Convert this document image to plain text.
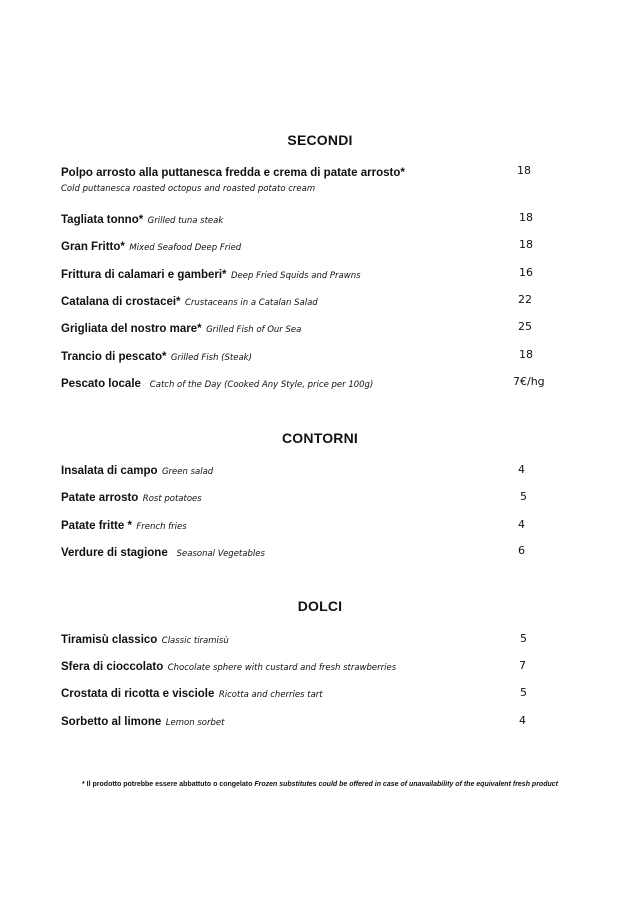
SECONDI
Polpo arrosto alla puttanesca fredda e crema di patate arrosto*
Cold puttanesca roasted octopus and roasted potato cream
18
Tagliata tonno* Grilled tuna steak	18
Gran Fritto* Mixed Seafood Deep Fried	18
Frittura di calamari e gamberi* Deep Fried Squids and Prawns	16
Catalana di crostacei* Crustaceans in a Catalan Salad	22
Grigliata del nostro mare* Grilled Fish of Our Sea	25
Trancio di pescato* Grilled Fish (Steak)	18
Pescato locale Catch of the Day (Cooked Any Style, price per 100g)	7€/hg
CONTORNI
Insalata di campo Green salad	4
Patate arrosto Rost potatoes	5
Patate fritte * French fries	4
Verdure di stagione Seasonal Vegetables	6
DOLCI
Tiramisù classico Classic tiramisù	5
Sfera di cioccolato Chocolate sphere with custard and fresh strawberries	7
Crostata di ricotta e visciole Ricotta and cherries tart	5
Sorbetto al limone Lemon sorbet	4
* Il prodotto potrebbe essere abbattuto o congelato Frozen substitutes could be offered in case of unavailability of the equivalent fresh product
